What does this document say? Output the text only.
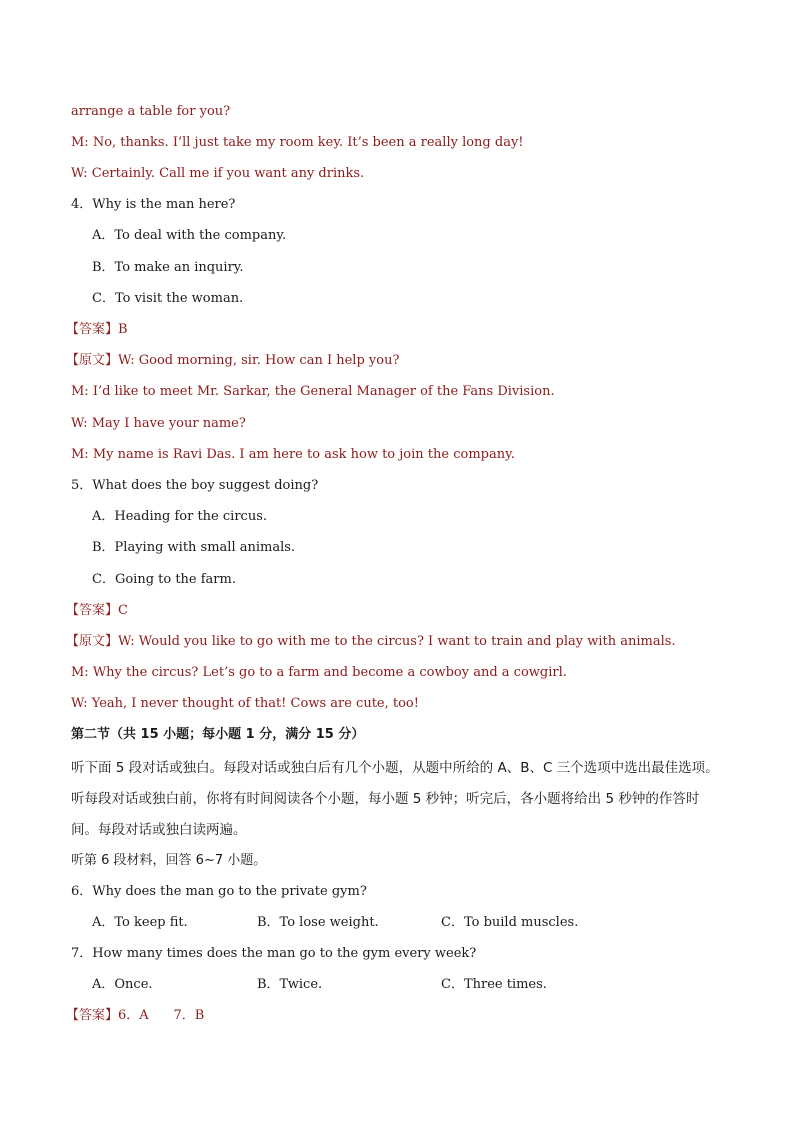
arrange a table for you?
M: No, thanks. I’ll just take my room key. It’s been a really long day!
W: Certainly. Call me if you want any drinks.
4．Why is the man here?
A．To deal with the company.
B．To make an inquiry.
C．To visit the woman.
【答案】B
【原文】W: Good morning, sir. How can I help you?
M: I’d like to meet Mr. Sarkar, the General Manager of the Fans Division.
W: May I have your name?
M: My name is Ravi Das. I am here to ask how to join the company.
5．What does the boy suggest doing?
A．Heading for the circus.
B．Playing with small animals.
C．Going to the farm.
【答案】C
【原文】W: Would you like to go with me to the circus? I want to train and play with animals.
M: Why the circus? Let’s go to a farm and become a cowboy and a cowgirl.
W: Yeah, I never thought of that! Cows are cute, too!
第二节（共 15 小题；每小题 1 分，满分 15 分）
听下面 5 段对话或独白。每段对话或独白后有几个小题，从题中所给的 A、B、C 三个选项中选出最佳选项。
听每段对话或独白前，你将有时间阅读各个小题，每小题 5 秒钟；听完后，各小题将给出 5 秒钟的作答时
间。每段对话或独白读两遍。
听第 6 段材料，回答 6~7 小题。
6．Why does the man go to the private gym?
A．To keep fit.	B．To lose weight.	C．To build muscles.
7．How many times does the man go to the gym every week?
A．Once.	B．Twice.	C．Three times.
【答案】6．A      7．B
